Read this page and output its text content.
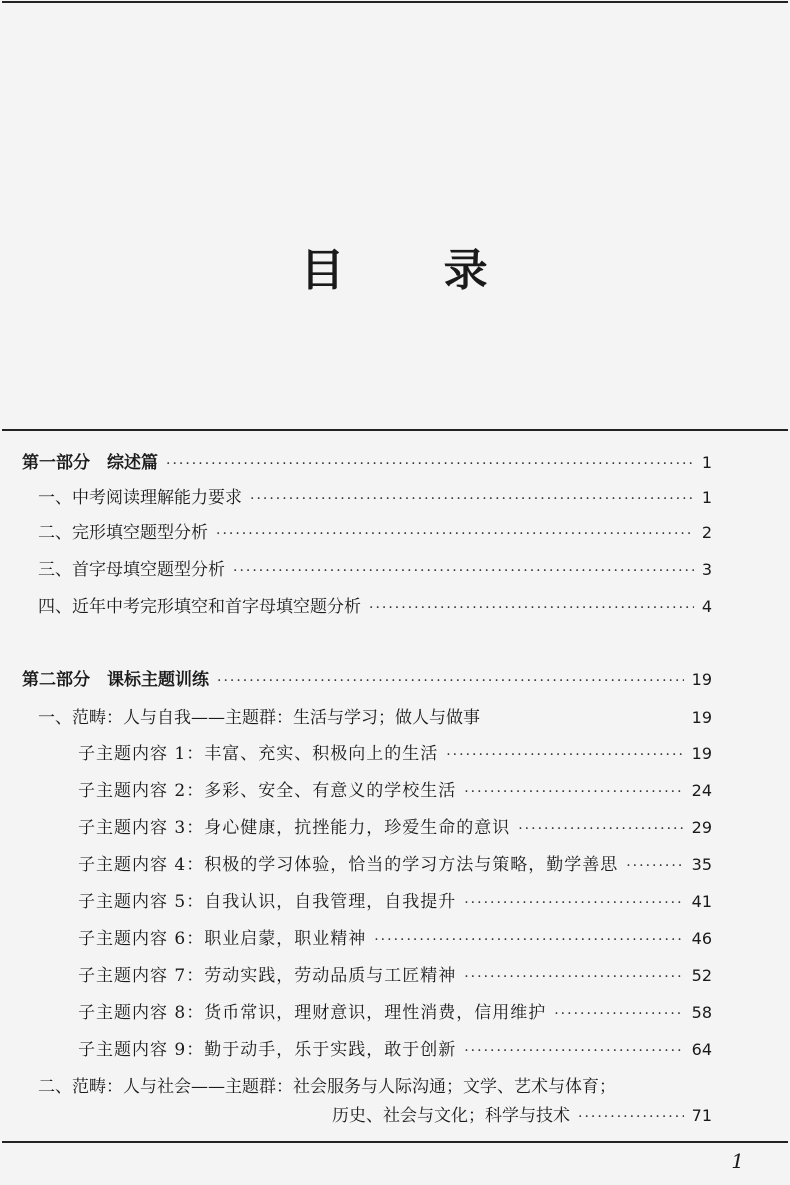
目 录
第一部分　综述篇 ·····	1
一、中考阅读理解能力要求 ·····	1
二、完形填空题型分析 ·····	2
三、首字母填空题型分析 ·····	3
四、近年中考完形填空和首字母填空题分析 ·····	4
第二部分　课标主题训练 ·····	19
一、范畴：人与自我——主题群：生活与学习；做人与做事	19
子主题内容 1：丰富、充实、积极向上的生活 ·····	19
子主题内容 2：多彩、安全、有意义的学校生活 ·····	24
子主题内容 3：身心健康，抗挫能力，珍爱生命的意识 ·····	29
子主题内容 4：积极的学习体验，恰当的学习方法与策略，勤学善思 ·····	35
子主题内容 5：自我认识，自我管理，自我提升 ·····	41
子主题内容 6：职业启蒙，职业精神 ·····	46
子主题内容 7：劳动实践，劳动品质与工匠精神 ·····	52
子主题内容 8：货币常识，理财意识，理性消费，信用维护 ·····	58
子主题内容 9：勤于动手，乐于实践，敢于创新 ·····	64
二、范畴：人与社会——主题群：社会服务与人际沟通；文学、艺术与体育；
历史、社会与文化；科学与技术 ·····	71
1
